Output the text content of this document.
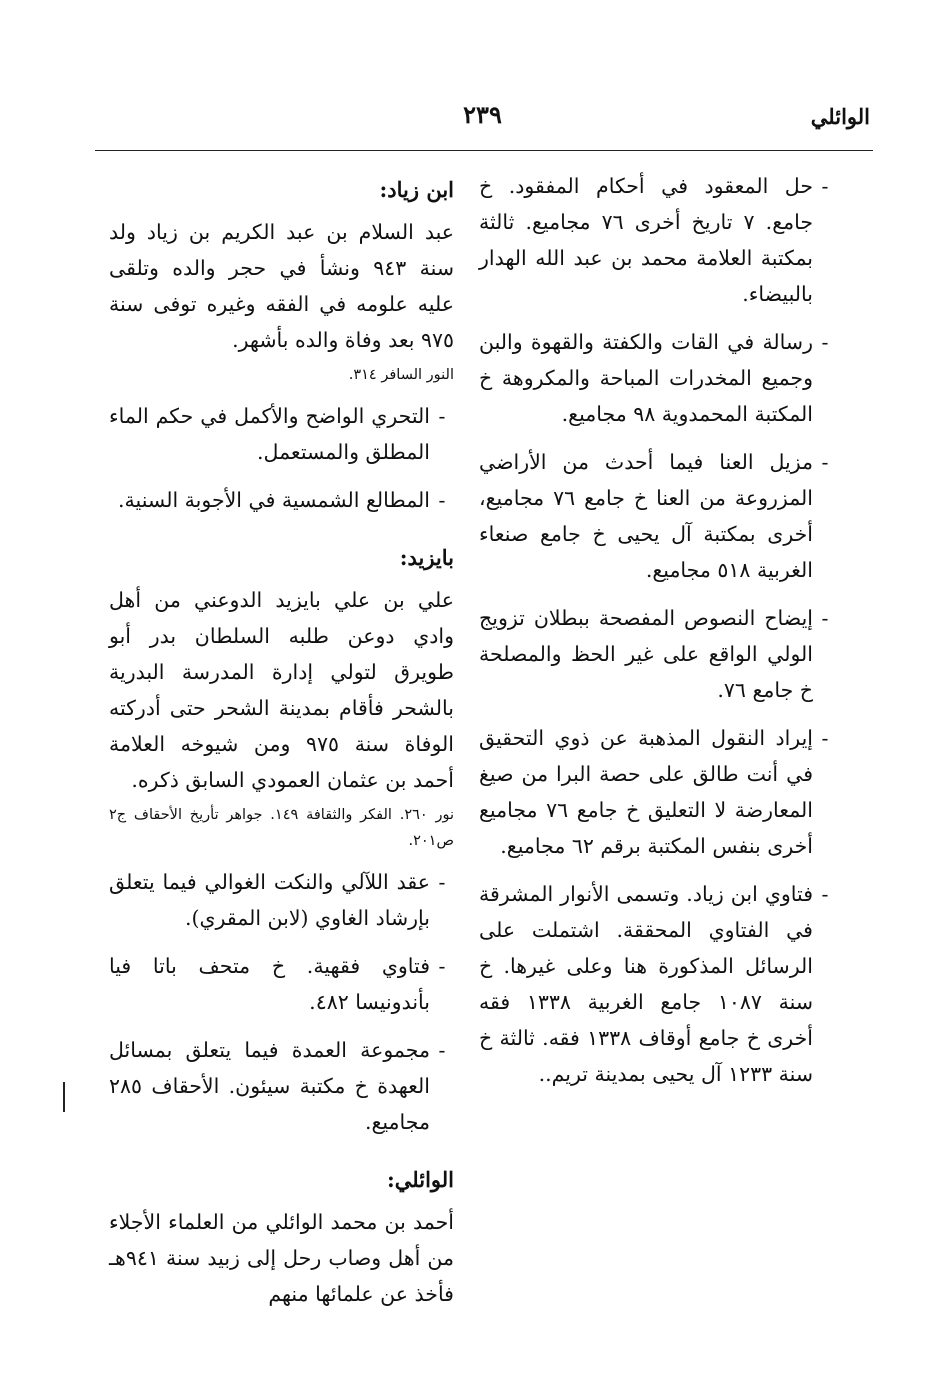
٢٣٩	الوائلي
-
حل المعقود في أحكام المفقود. خ جامع. ٧ تاريخ أخرى ٧٦ مجاميع. ثالثة بمكتبة العلامة محمد بن عبد الله الهدار بالبيضاء.
-
رسالة في القات والكفتة والقهوة والبن وجميع المخدرات المباحة والمكروهة خ المكتبة المحمدوية ٩٨ مجاميع.
-
مزيل العنا فيما أحدث من الأراضي المزروعة من العنا خ جامع ٧٦ مجاميع، أخرى بمكتبة آل يحيى خ جامع صنعاء الغربية ٥١٨ مجاميع.
-
إيضاح النصوص المفصحة ببطلان تزويج الولي الواقع على غير الحظ والمصلحة خ جامع ٧٦.
-
إيراد النقول المذهبة عن ذوي التحقيق في أنت طالق على حصة البرا من صيغ المعارضة لا التعليق خ جامع ٧٦ مجاميع أخرى بنفس المكتبة برقم ٦٢ مجاميع.
-
فتاوي ابن زياد. وتسمى الأنوار المشرقة في الفتاوي المحققة. اشتملت على الرسائل المذكورة هنا وعلى غيرها. خ سنة ١٠٨٧ جامع الغربية ١٣٣٨ فقه أخرى خ جامع أوقاف ١٣٣٨ فقه. ثالثة خ سنة ١٢٣٣ آل يحيى بمدينة تريم..
ابن زياد:
عبد السلام بن عبد الكريم بن زياد ولد سنة ٩٤٣ ونشأ في حجر والده وتلقى عليه علومه في الفقه وغيره توفى سنة ٩٧٥ بعد وفاة والده بأشهر.
النور السافر ٣١٤.
-
التحري الواضح والأكمل في حكم الماء المطلق والمستعمل.
-
المطالع الشمسية في الأجوبة السنية.
بايزيد:
علي بن علي بايزيد الدوعني من أهل وادي دوعن طلبه السلطان بدر أبو طويرق لتولي إدارة المدرسة البدرية بالشحر فأقام بمدينة الشحر حتى أدركته الوفاة سنة ٩٧٥ ومن شيوخه العلامة أحمد بن عثمان العمودي السابق ذكره.
نور ٢٦٠. الفكر والثقافة ١٤٩. جواهر تأريخ الأحقاف ج٢ ص٢٠١.
-
عقد اللآلي والنكت الغوالي فيما يتعلق بإرشاد الغاوي (لابن المقري).
-
فتاوي فقهية. خ متحف باتا فيا بأندونيسا ٤٨٢.
-
مجموعة العمدة فيما يتعلق بمسائل العهدة خ مكتبة سيئون. الأحقاف ٢٨٥ مجاميع.
الوائلي:
أحمد بن محمد الوائلي من العلماء الأجلاء من أهل وصاب رحل إلى زبيد سنة ٩٤١هـ فأخذ عن علمائها منهم
